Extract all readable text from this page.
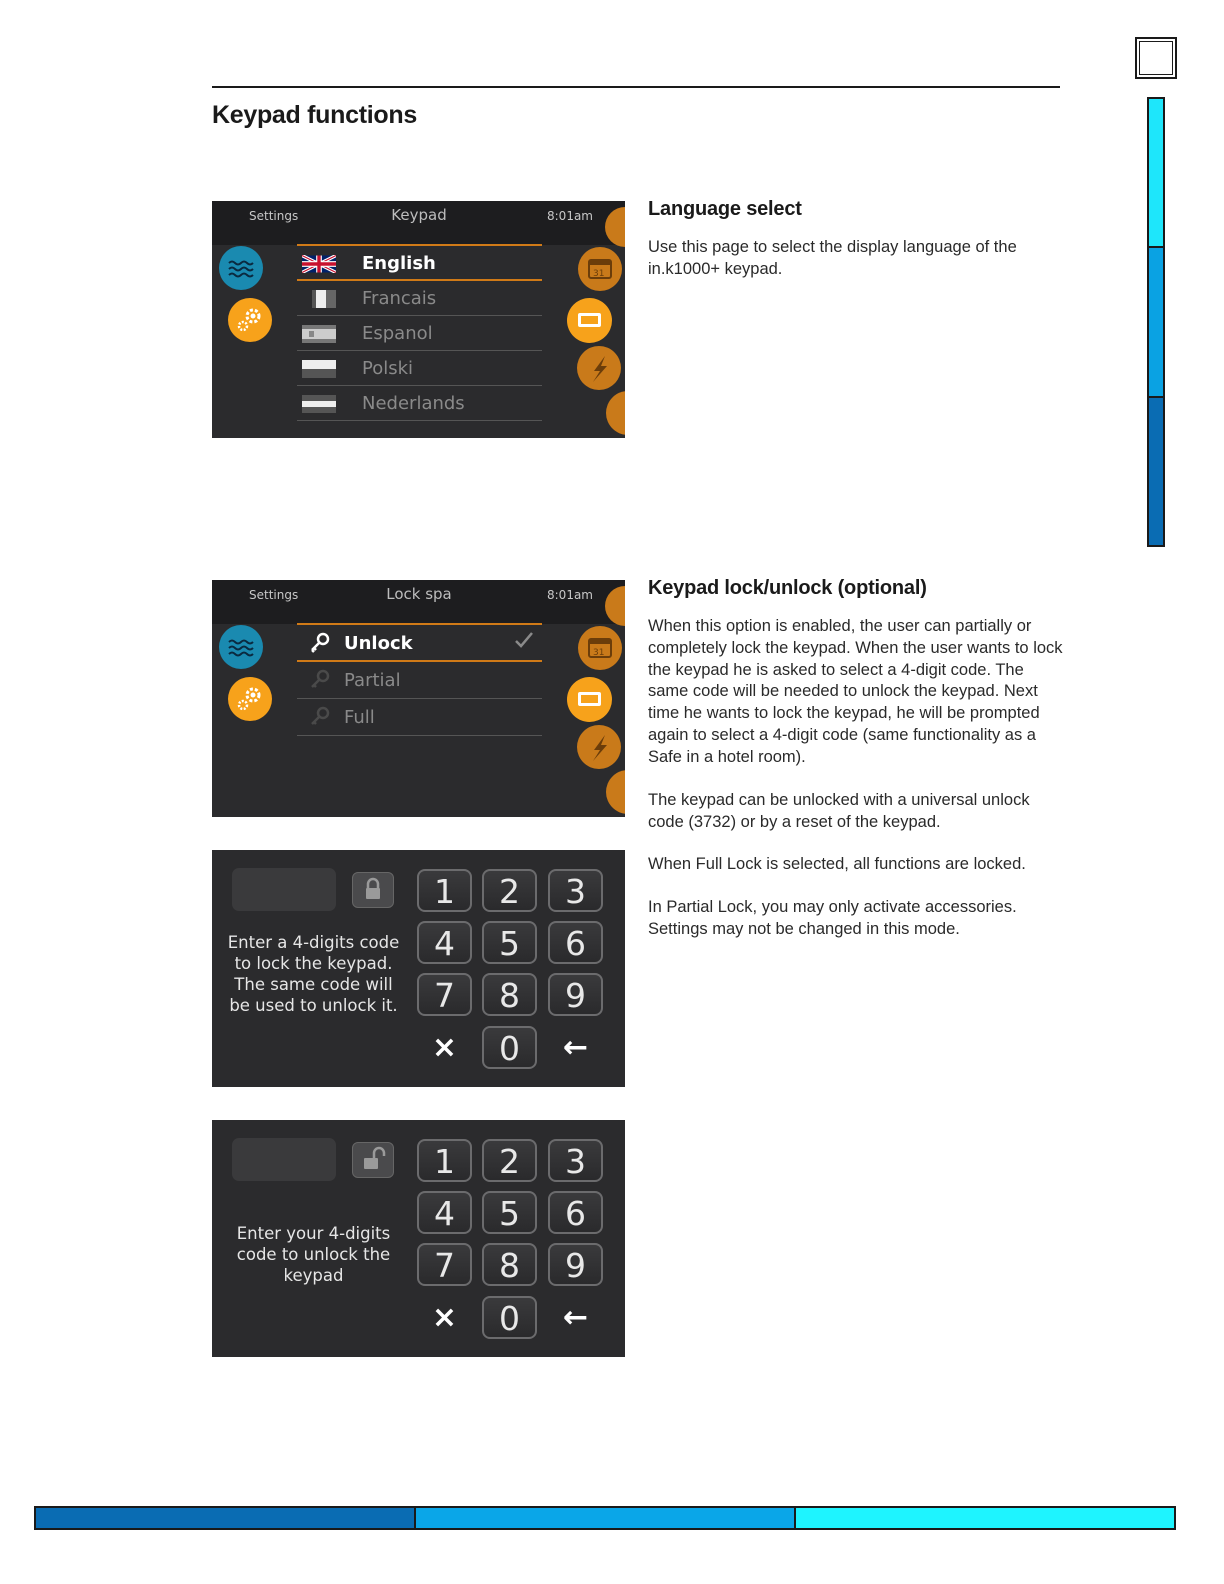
Keypad functions
Language select
Use this page to select the display language of the in.k1000+ keypad.
Keypad lock/unlock (optional)
When this option is enabled, the user can partially or completely lock the keypad. When the user wants to lock the keypad he is asked to select a 4-digit code. The same code will be needed to unlock the keypad. Next time he wants to lock the keypad, he will be prompted again to select a 4-digit code (same functionality as a Safe in a hotel room).
The keypad can be unlocked with a universal unlock code (3732) or by a reset of the keypad.
When Full Lock is selected, all functions are locked.
In Partial Lock, you may only activate accessories. Settings may not be changed in this mode.
Settings	Keypad	8:01am
31
English
Francais
Espanol
Polski
Nederlands
Settings	Lock spa	8:01am
31
Unlock
Partial
Full
Enter a 4-digits code to lock the keypad. The same code will be used to unlock it.
1	2	3
4	5	6
7	8	9
×	0	←
Enter your 4-digits code to unlock the keypad
1	2	3
4	5	6
7	8	9
×	0	←
